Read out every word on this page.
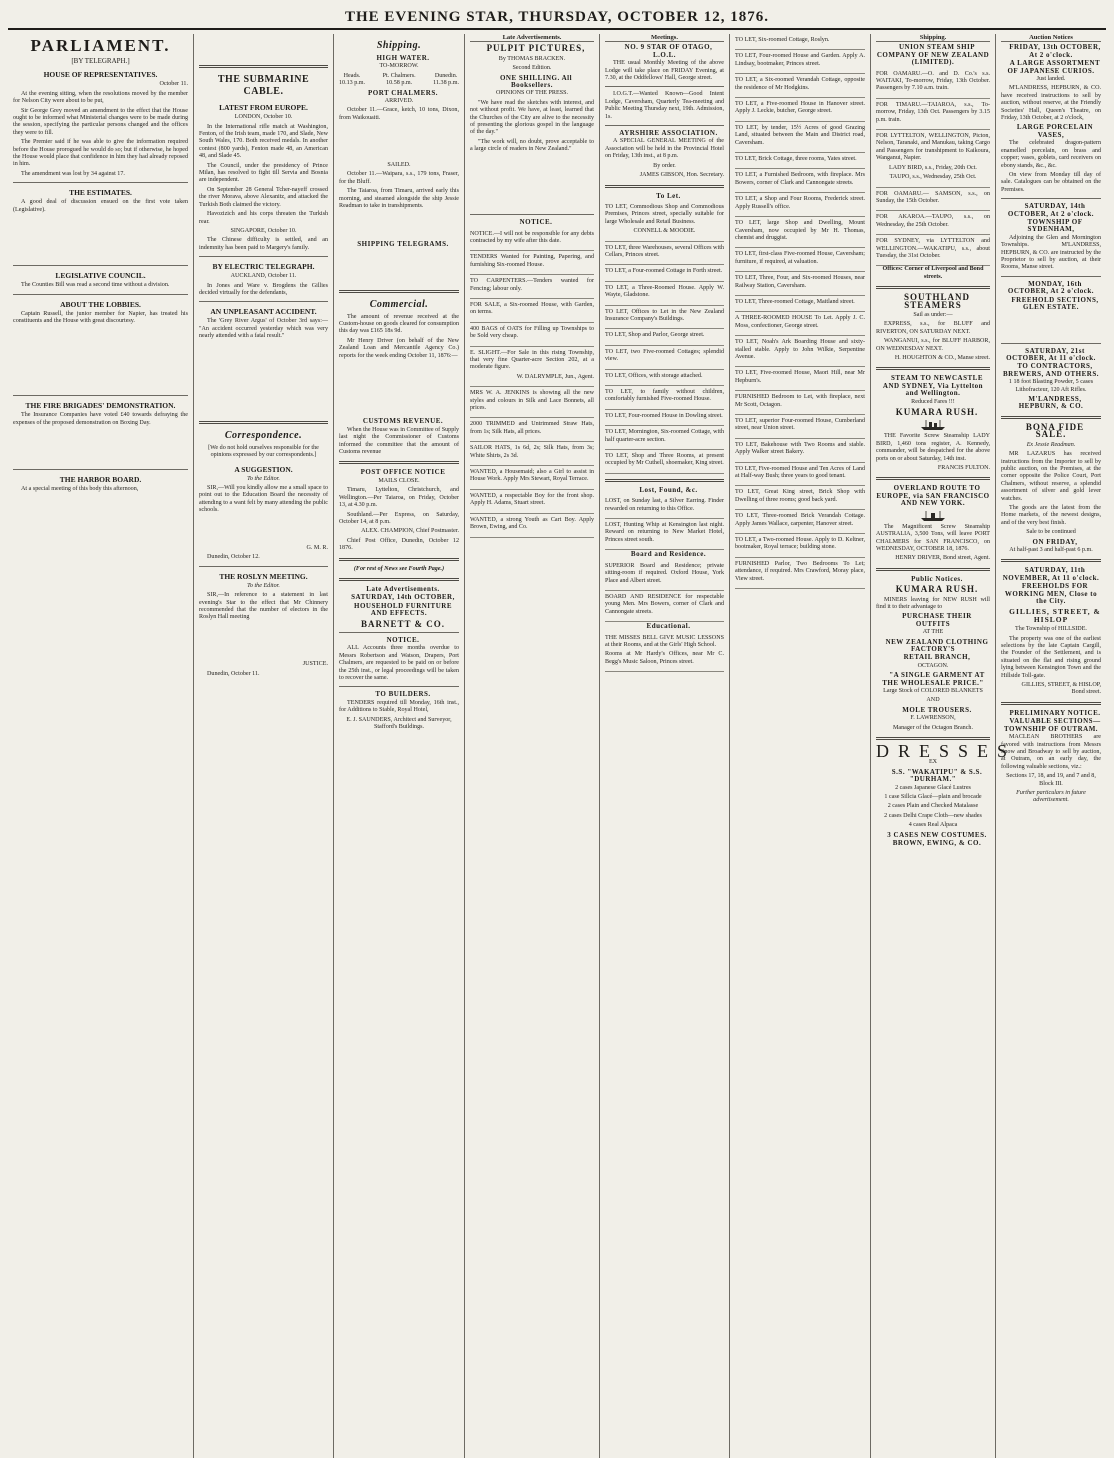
THE EVENING STAR, THURSDAY, OCTOBER 12, 1876.
PARLIAMENT.
[BY TELEGRAPH.]
HOUSE OF REPRESENTATIVES.

October 11.

At the evening sitting, when the resolutions moved by the member for Nelson City were about to be put,

Sir George Grey moved an amendment to the effect that the House ought to be informed what Ministerial changes were to be made during the session, specifying the particular persons changed and the offices they were to fill.

The Premier said if he was able to give the information required before the House prorogued he would do so; but if otherwise, he hoped the House would place that confidence in him they had already reposed in him.

The amendment was lost by 34 against 17.

THE ESTIMATES.

A good deal of discussion ensued on the first vote taken (Legislative).

LEGISLATIVE COUNCIL.

The Counties Bill was read a second time without a division.

ABOUT THE LOBBIES.

Captain Russell, the junior member for Napier, has treated his constituents and the House with great discourtesy.

THE FIRE BRIGADES' DEMONSTRATION.

The Insurance Companies have voted £40 towards defraying the expenses of the proposed demonstration on Boxing Day.

THE HARBOR BOARD.

At a special meeting of this body this afternoon,

THE SUBMARINE CABLE.
LATEST FROM EUROPE.

LONDON, October 10.

In the International rifle match at Washington, Fenton, of the Irish team, made 170, and Slade, New South Wales, 170. Both received medals. In another contest (800 yards), Fenton made 48, an American 48, and Slade 45.

The Council, under the presidency of Prince Milan, has resolved to fight till Servia and Bosnia are independent.

On September 28 General Tcher-nayeff crossed the river Morava, above Alexanitz, and attacked the Turkish Both claimed the victory.

Havozizich and his corps threaten the Turkish rear.

SINGAPORE, October 10.

The Chinese difficulty is settled, and an indemnity has been paid to Margery's family.

BY ELECTRIC TELEGRAPH.

AUCKLAND, October 11.

In Jones and Ware v. Brogdens the Gillies decided virtually for the defendants,

AN UNPLEASANT ACCIDENT.

The 'Grey River Argus' of October 3rd says:— "An accident occurred yesterday which was very nearly attended with a fatal result."

Correspondence.

[We do not hold ourselves responsible for the opinions expressed by our correspondents.]

A SUGGESTION.

To the Editor.

SIR,—Will you kindly allow me a small space to point out to the Education Board the necessity of attending to a want felt by many attending the public schools.

G. M. R.

Dunedin, October 12.

THE ROSLYN MEETING.

To the Editor.

SIR,—In reference to a statement in last evening's Star to the effect that Mr Chinnery recommended that the number of electors in the Roslyn Hall meeting

JUSTICE.

Dunedin, October 11.

Shipping.

HIGH WATER.

TO-MORROW.

Heads.
10.13 p.m.
Pt. Chalmers.
10.58 p.m.
Dunedin.
11.38 p.m.

PORT CHALMERS.

ARRIVED.

October 11.—Grace, ketch, 10 tons, Dixon, from Waikouaiti.

SAILED.

October 11.—Waipara, s.s., 179 tons, Fraser, for the Bluff.

The Taiaroa, from Timaru, arrived early this morning, and steamed alongside the ship Jessie Readman to take in transhipments.

SHIPPING TELEGRAMS.

Commercial.

The amount of revenue received at the Custom-house on goods cleared for consumption this day was £165 18s 9d.

Mr Henry Driver (on behalf of the New Zealand Loan and Mercantile Agency Co.) reports for the week ending October 11, 1876:—

CUSTOMS REVENUE.

When the House was in Committee of Supply last night the Commissioner of Customs informed the committee that the amount of Customs revenue

POST OFFICE NOTICE

MAILS CLOSE.

Timaru, Lyttelton, Christchurch, and Wellington.—Per Taiaroa, on Friday, October 13, at 4.30 p.m.

Southland.—Per Express, on Saturday, October 14, at 8 p.m.

ALEX. CHAMPION, Chief Postmaster.

Chief Post Office, Dunedin, October 12 1876.

(For rest of News see Fourth Page.)

Late Advertisements.

SATURDAY, 14th OCTOBER,

HOUSEHOLD FURNITURE AND EFFECTS.

BARNETT & CO.

NOTICE.

ALL Accounts three months overdue to Messrs Robertson and Watson, Drapers, Port Chalmers, are requested to be paid on or before the 25th inst., or legal proceedings will be taken to recover the same.

TO BUILDERS.

TENDERS required till Monday, 16th inst., for Additions to Stable, Royal Hotel,

E. J. SAUNDERS, Architect and Surveyor, Stafford's Buildings.

Late Advertisements.

PULPIT PICTURES,

By THOMAS BRACKEN.

Second Edition.

ONE SHILLING. All Booksellers.

OPINIONS OF THE PRESS.

"We have read the sketches with interest, and not without profit. We have, at least, learned that the Churches of the City are alive to the necessity of presenting the glorious gospel in the language of the day."

"The work will, no doubt, prove acceptable to a large circle of readers in New Zealand."

NOTICE.

NOTICE.—I will not be responsible for any debts contracted by my wife after this date.

TENDERS Wanted for Painting, Papering, and furnishing Six-roomed House.

TO CARPENTERS.—Tenders wanted for Fencing; labour only.

FOR SALE, a Six-roomed House, with Garden, on terms.

400 BAGS of OATS for Filling up Townships to be Sold very cheap.

E. SLIGHT.—For Sale in this rising Township, that very fine Quarter-acre Section 202, at a moderate figure.

W. DALRYMPLE, Jun., Agent.

MRS W. A. JENKINS is showing all the new styles and colours in Silk and Lace Bonnets, all prices.

2000 TRIMMED and Untrimmed Straw Hats, from 1s; Silk Hats, all prices.

SAILOR HATS, 1s 6d, 2s; Silk Hats, from 3s; White Shirts, 2s 3d.

WANTED, a Housemaid; also a Girl to assist in House Work. Apply Mrs Stewart, Royal Terrace.

WANTED, a respectable Boy for the front shop. Apply H. Adams, Stuart street.

WANTED, a strong Youth as Cart Boy. Apply Brown, Ewing, and Co.

Meetings.

NO. 9 STAR OF OTAGO, L.O.L.

THE usual Monthly Meeting of the above Lodge will take place on FRIDAY Evening, at 7.30, at the Oddfellows' Hall, George street.

I.O.G.T.—Wanted Known—Good Intent Lodge, Caversham, Quarterly Tea-meeting and Public Meeting Thursday next, 19th. Admission, 1s.

AYRSHIRE ASSOCIATION.

A SPECIAL GENERAL MEETING of the Association will be held in the Provincial Hotel on Friday, 13th inst., at 8 p.m.

By order.

JAMES GIBSON, Hon. Secretary.

To Let.

TO LET, Commodious Shop and Commodious Premises, Princes street, specially suitable for large Wholesale and Retail Business.

CONNELL & MOODIE.

TO LET, three Warehouses, several Offices with Cellars, Princes street.

TO LET, a Four-roomed Cottage in Forth street.

TO LET, a Three-Roomed House. Apply W. Wayte, Gladstone.

TO LET, Offices to Let in the New Zealand Insurance Company's Buildings.

TO LET, Shop and Parlor, George street.

TO LET, two Five-roomed Cottages; splendid view.

TO LET, Offices, with storage attached.

TO LET, to family without children, comfortably furnished Five-roomed House.

TO LET, Four-roomed House in Dowling street.

TO LET, Mornington, Six-roomed Cottage, with half quarter-acre section.

TO LET, Shop and Three Rooms, at present occupied by Mr Cuthell, shoemaker, King street.

Lost, Found, &c.

LOST, on Sunday last, a Silver Earring. Finder rewarded on returning to this Office.

LOST, Hunting Whip at Kensington last night. Reward on returning to New Market Hotel, Princes street south.

Board and Residence.

SUPERIOR Board and Residence; private sitting-room if required. Oxford House, York Place and Albert street.

BOARD AND RESIDENCE for respectable young Men. Mrs Bowers, corner of Clark and Cannongate streets.

Educational.

THE MISSES BELL GIVE MUSIC LESSONS at their Rooms, and at the Girls' High School.

Rooms at Mr Hardy's Offices, near Mr C. Begg's Music Saloon, Princes street.

TO LET, Six-roomed Cottage, Roslyn.

TO LET, Four-roomed House and Garden. Apply A. Lindsay, bootmaker, Princes street.

TO LET, a Six-roomed Verandah Cottage, opposite the residence of Mr Hodgkins.

TO LET, a Five-roomed House in Hanover street. Apply J. Leckie, butcher, George street.

TO LET, by tender, 15½ Acres of good Grazing Land, situated between the Main and District road, Caversham.

TO LET, Brick Cottage, three rooms, Yates street.

TO LET, a Furnished Bedroom, with fireplace. Mrs Bowers, corner of Clark and Cannongate streets.

TO LET, a Shop and Four Rooms, Frederick street. Apply Russell's office.

TO LET, large Shop and Dwelling, Mount Caversham, now occupied by Mr H. Thomas, chemist and druggist.

TO LET, first-class Five-roomed House, Caversham; furniture, if required, at valuation.

TO LET, Three, Four, and Six-roomed Houses, near Railway Station, Caversham.

TO LET, Three-roomed Cottage, Maitland street.

A THREE-ROOMED HOUSE To Let. Apply J. C. Moss, confectioner, George street.

TO LET, Noah's Ark Boarding House and sixty-stalled stable. Apply to John Wilkie, Serpentine Avenue.

TO LET, Five-roomed House, Maori Hill, near Mr Hepburn's.

FURNISHED Bedroom to Let, with fireplace, next Mr Scott, Octagon.

TO LET, superior Four-roomed House, Cumberland street, near Union street.

TO LET, Bakehouse with Two Rooms and stable. Apply Walker street Bakery.

TO LET, Five-roomed House and Ten Acres of Land at Half-way Bush; three years to good tenant.

TO LET, Great King street, Brick Shop with Dwelling of three rooms; good back yard.

TO LET, Three-roomed Brick Verandah Cottage. Apply James Wallace, carpenter, Hanover street.

TO LET, a Two-roomed House. Apply to D. Keltner, bootmaker, Royal terrace; building stone.

FURNISHED Parlor, Two Bedrooms To Let; attendance, if required. Mrs Crawford, Moray place, View street.

Shipping.

UNION STEAM SHIP COMPANY OF NEW ZEALAND (LIMITED).

FOR OAMARU.—O. and D. Co.'s s.s. WAITAKI, To-morrow, Friday, 13th October. Passengers by 7.10 a.m. train.

FOR TIMARU.—TAIAROA, s.s., To-morrow, Friday, 13th Oct. Passengers by 3.15 p.m. train.

FOR LYTTELTON, WELLINGTON, Picton, Nelson, Taranaki, and Manukau, taking Cargo and Passengers for transhipment to Kaikoura, Wanganui, Napier.

LADY BIRD, s.s., Friday, 20th Oct.

TAUPO, s.s., Wednesday, 25th Oct.

FOR OAMARU.— SAMSON, s.s., on Sunday, the 15th October.

FOR AKAROA.—TAUPO, s.s., on Wednesday, the 25th October.

FOR SYDNEY, via LYTTELTON and WELLINGTON.—WAKATIPU, s.s., about Tuesday, the 31st October.

Offices: Corner of Liverpool and Bond streets.

SOUTHLAND STEAMERS

Sail as under:—

EXPRESS, s.s., for BLUFF and RIVERTON, ON SATURDAY NEXT.

WANGANUI, s.s., for BLUFF HARBOR, ON WEDNESDAY NEXT.

H. HOUGHTON & CO., Manse street.

STEAM TO NEWCASTLE AND SYDNEY, Via Lyttelton and Wellington.

Reduced Fares !!!

KUMARA RUSH.

THE Favorite Screw Steamship LADY BIRD, 1,460 tons register, A. Kennedy, commander, will be despatched for the above ports on or about Saturday, 14th inst.

FRANCIS FULTON.

OVERLAND ROUTE TO EUROPE, via SAN FRANCISCO AND NEW YORK.

The Magnificent Screw Steamship AUSTRALIA, 3,500 Tons, will leave PORT CHALMERS for SAN FRANCISCO, on WEDNESDAY, OCTOBER 18, 1876.

HENRY DRIVER, Bond street, Agent.

Public Notices.

KUMARA RUSH.

MINERS leaving for NEW RUSH will find it to their advantage to

PURCHASE THEIR OUTFITS

AT THE

NEW ZEALAND CLOTHING FACTORY'S

RETAIL BRANCH,

OCTAGON.

"A SINGLE GARMENT AT THE WHOLESALE PRICE."

Large Stock of COLORED BLANKETS

AND

MOLE TROUSERS.

F. LAWRENSON,

Manager of the Octagon Branch.

DRESSES

EX

S.S. "WAKATIPU" & S.S. "DURHAM."

2 cases Japanese Glacé Lustres

1 case Sillcia Glacé—plain and brocade

2 cases Plain and Checked Matalasse

2 cases Delhi Crape Cloth—new shades

4 cases Real Alpaca

3 CASES NEW COSTUMES.

BROWN, EWING, & CO.

Auction Notices

FRIDAY, 13th OCTOBER, At 2 o'clock.

A LARGE ASSORTMENT OF JAPANESE CURIOS.

Just landed.

M'LANDRESS, HEPBURN, & CO. have received instructions to sell by auction, without reserve, at the Friendly Societies' Hall, Queen's Theatre, on Friday, 13th October, at 2 o'clock,

LARGE PORCELAIN VASES,

The celebrated dragon-pattern enamelled porcelain, on brass and copper; vases, goblets, card receivers on ebony stands, &c., &c.

On view from Monday till day of sale. Catalogues can be obtained on the Premises.

SATURDAY, 14th OCTOBER, At 2 o'clock.

TOWNSHIP OF SYDENHAM,

Adjoining the Glen and Mornington Townships. M'LANDRESS, HEPBURN, & CO. are instructed by the Proprietor to sell by auction, at their Rooms, Manse street.

MONDAY, 16th OCTOBER, At 2 o'clock.

FREEHOLD SECTIONS, GLEN ESTATE.

SATURDAY, 21st OCTOBER, At 11 o'clock.

TO CONTRACTORS, BREWERS, AND OTHERS.

1 18 foot Blasting Powder, 5 cases Lithofracteur, 120 Aft Rifles.

M'LANDRESS, HEPBURN, & CO.

BONA FIDE SALE.

Ex Jessie Readman.

MR LAZARUS has received instructions from the Importer to sell by public auction, on the Premises, at the corner opposite the Police Court, Port Chalmers, without reserve, a splendid assortment of silver and gold lever watches.

The goods are the latest from the Home markets, of the newest designs, and of the very best finish.

Sale to be continued

ON FRIDAY,

At half-past 3 and half-past 6 p.m.

SATURDAY, 11th NOVEMBER, At 11 o'clock.

FREEHOLDS FOR WORKING MEN, Close to the City.

GILLIES, STREET, & HISLOP

The Township of HILLSIDE.

The property was one of the earliest selections by the late Captain Cargill, the Founder of the Settlement, and is situated on the flat and rising ground lying between Kensington Town and the Hillside Toll-gate.

GILLIES, STREET, & HISLOP, Bond street.

PRELIMINARY NOTICE.

VALUABLE SECTIONS—TOWNSHIP OF OUTRAM.

MACLEAN BROTHERS are favored with instructions from Messrs Snow and Broadway to sell by auction, at Outram, on an early day, the following valuable sections, viz.:

Sections 17, 18, and 19, and 7 and 8, Block III.

Further particulars in future advertisement.
